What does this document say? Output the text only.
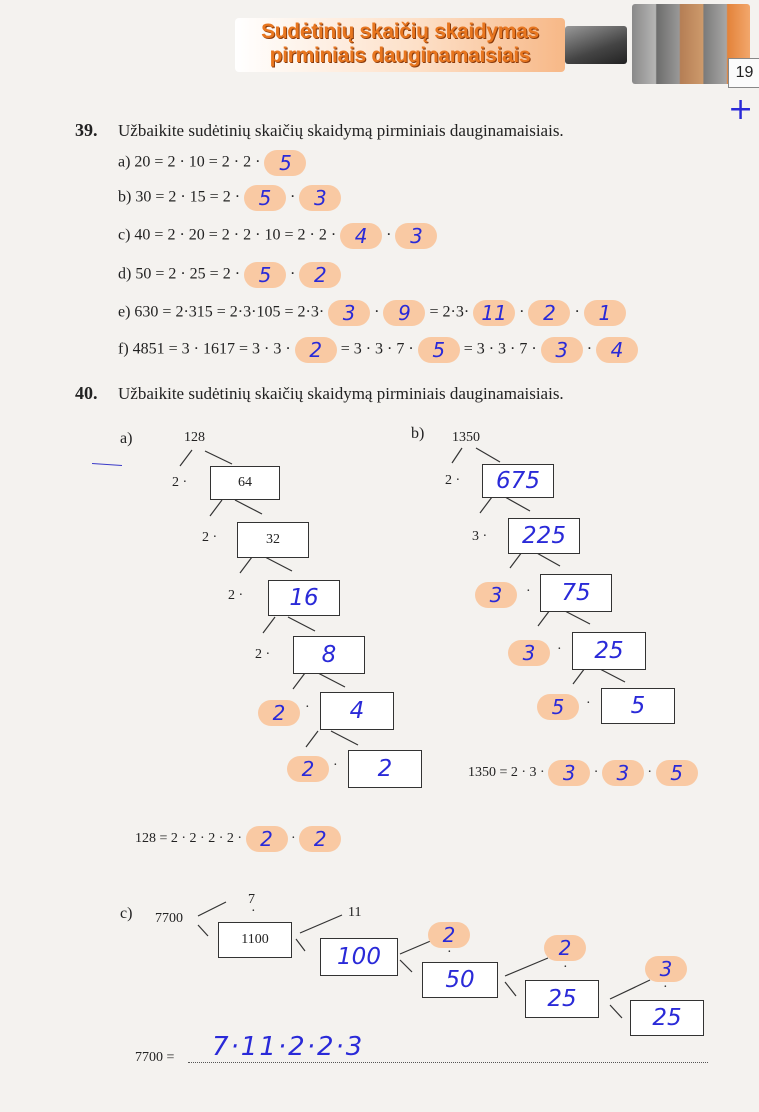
Sudėtinių skaičių skaidymas
pirminiais dauginamaisiais
19
+

39. Užbaikite sudėtinių skaičių skaidymą pirminiais dauginamaisiais.
a) 20 = 2 · 10 = 2 · 2 · 5
b) 30 = 2 · 15 = 2 · 5 · 3
c) 40 = 2 · 20 = 2 · 2 · 10 = 2 · 2 · 4 · 3
d) 50 = 2 · 25 = 2 · 5 · 2
e) 630 = 2·315 = 2·3·105 = 2·3· 3 · 9 = 2·3· 11 · 2 · 1
f) 4851 = 3 · 1617 = 3 · 3 · 2 = 3 · 3 · 7 · 5 = 3 · 3 · 7 · 3 · 4
40. Užbaikite sudėtinių skaičių skaidymą pirminiais dauginamaisiais.
a)	128
2 ·	64
2 ·	32
2 ·	16
2 ·	8
2	·	4
2	·	2
128 = 2 · 2 · 2 · 2 · 2 · 2
b) 1350
2 ·	675
3 ·	225
3	·	75
3	·	25
5	·	5
1350 = 2 · 3 · 3 · 3 · 5
c) 7700
7
·
1100
11
100
2
·
50
2
·
25
3
·
25
7700 = 7·11·2·2·3
